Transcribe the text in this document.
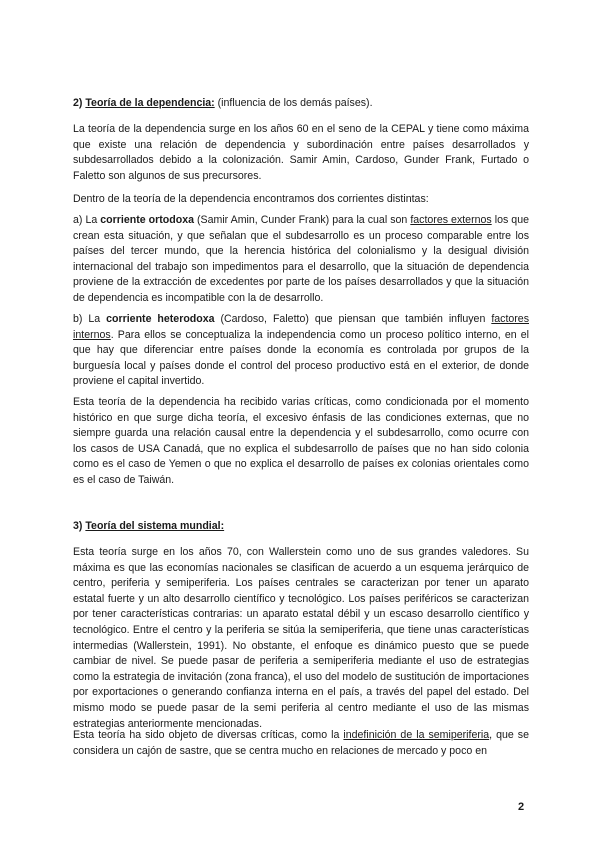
2) Teoría de la dependencia: (influencia de los demás países).

La teoría de la dependencia surge en los años 60 en el seno de la CEPAL y tiene como máxima que existe una relación de dependencia y subordinación entre países desarrollados y subdesarrollados debido a la colonización. Samir Amin, Cardoso, Gunder Frank, Furtado o Faletto son algunos de sus precursores.

Dentro de la teoría de la dependencia encontramos dos corrientes distintas:

a) La corriente ortodoxa (Samir Amin, Cunder Frank) para la cual son factores externos los que crean esta situación, y que señalan que el subdesarrollo es un proceso comparable entre los países del tercer mundo, que la herencia histórica del colonialismo y la desigual división internacional del trabajo son impedimentos para el desarrollo, que la situación de dependencia proviene de la extracción de excedentes por parte de los países desarrollados y que la situación de dependencia es incompatible con la de desarrollo.

b) La corriente heterodoxa (Cardoso, Faletto) que piensan que también influyen factores internos. Para ellos se conceptualiza la independencia como un proceso político interno, en el que hay que diferenciar entre países donde la economía es controlada por grupos de la burguesía local y países donde el control del proceso productivo está en el exterior, de donde proviene el capital invertido.

Esta teoría de la dependencia ha recibido varias críticas, como condicionada por el momento histórico en que surge dicha teoría, el excesivo énfasis de las condiciones externas, que no siempre guarda una relación causal entre la dependencia y el subdesarrollo, como ocurre con los casos de USA Canadá, que no explica el subdesarrollo de países que no han sido colonia como es el caso de Yemen o que no explica el desarrollo de países ex colonias orientales como es el caso de Taiwán.

3) Teoría del sistema mundial:

Esta teoría surge en los años 70, con Wallerstein como uno de sus grandes valedores. Su máxima es que las economías nacionales se clasifican de acuerdo a un esquema jerárquico de centro, periferia y semiperiferia. Los países centrales se caracterizan por tener un aparato estatal fuerte y un alto desarrollo científico y tecnológico. Los países periféricos se caracterizan por tener características contrarias: un aparato estatal débil y un escaso desarrollo científico y tecnológico. Entre el centro y la periferia se sitúa la semiperiferia, que tiene unas características intermedias (Wallerstein, 1991). No obstante, el enfoque es dinámico puesto que se puede cambiar de nivel. Se puede pasar de periferia a semiperiferia mediante el uso de estrategias como la estrategia de invitación (zona franca), el uso del modelo de sustitución de importaciones por exportaciones o generando confianza interna en el país, a través del papel del estado. Del mismo modo se puede pasar de la semi periferia al centro mediante el uso de las mismas estrategias anteriormente mencionadas.

Esta teoría ha sido objeto de diversas críticas, como la indefinición de la semiperiferia, que se considera un cajón de sastre, que se centra mucho en relaciones de mercado y poco en

2
